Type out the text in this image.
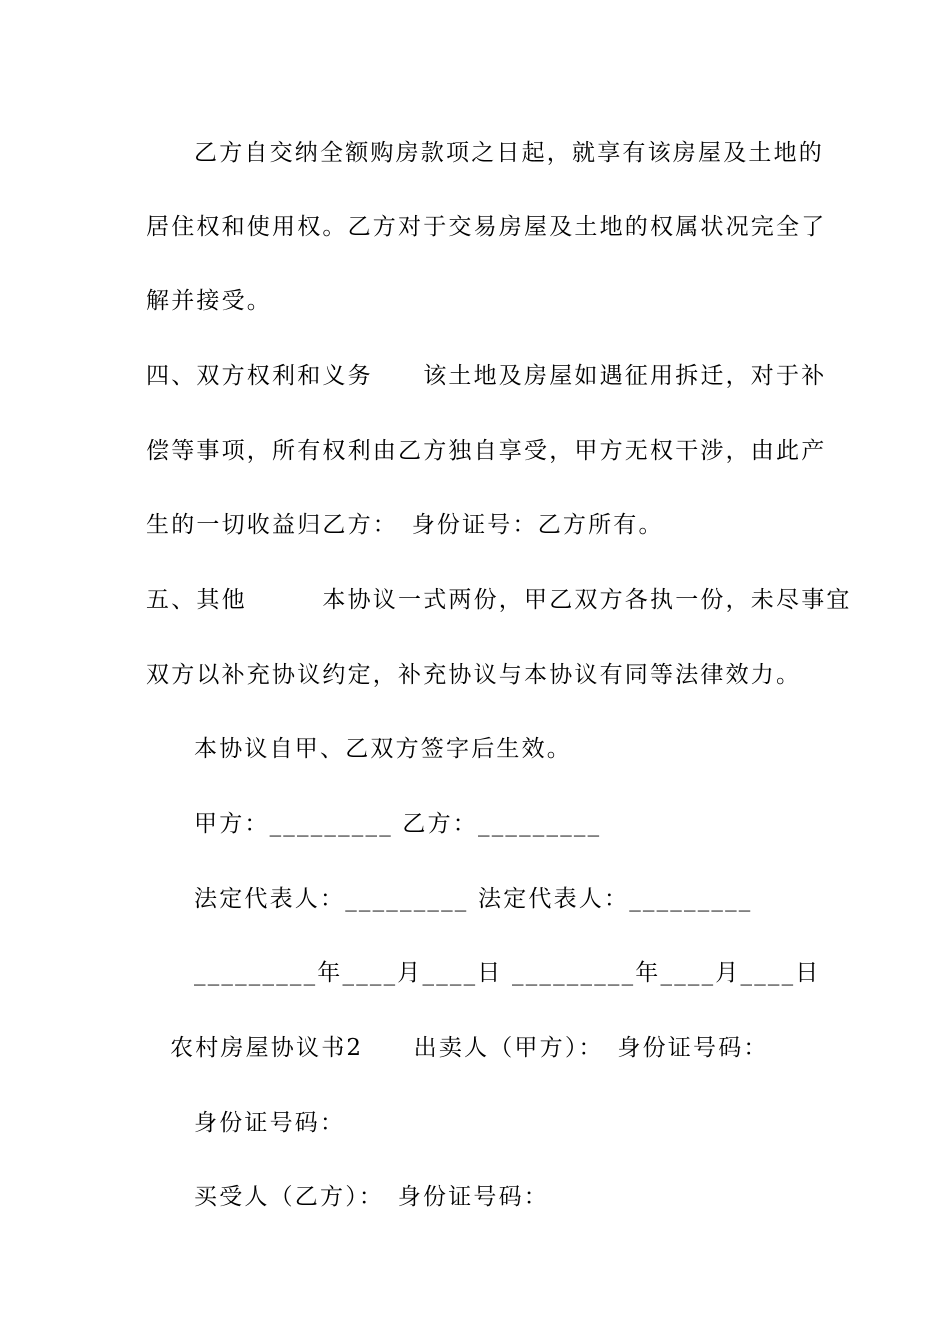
乙方自交纳全额购房款项之日起，就享有该房屋及土地的
居住权和使用权。乙方对于交易房屋及土地的权属状况完全了
解并接受。
四、双方权利和义务　　该土地及房屋如遇征用拆迁，对于补
偿等事项，所有权利由乙方独自享受，甲方无权干涉，由此产
生的一切收益归乙方：　身份证号：乙方所有。
五、其他　　　本协议一式两份，甲乙双方各执一份，未尽事宜
双方以补充协议约定，补充协议与本协议有同等法律效力。
本协议自甲、乙双方签字后生效。
甲方：_________ 乙方：_________
法定代表人：_________ 法定代表人：_________
_________年____月____日 _________年____月____日
农村房屋协议书2　　出卖人（甲方）：　身份证号码：
身份证号码：
买受人（乙方）：　身份证号码：
